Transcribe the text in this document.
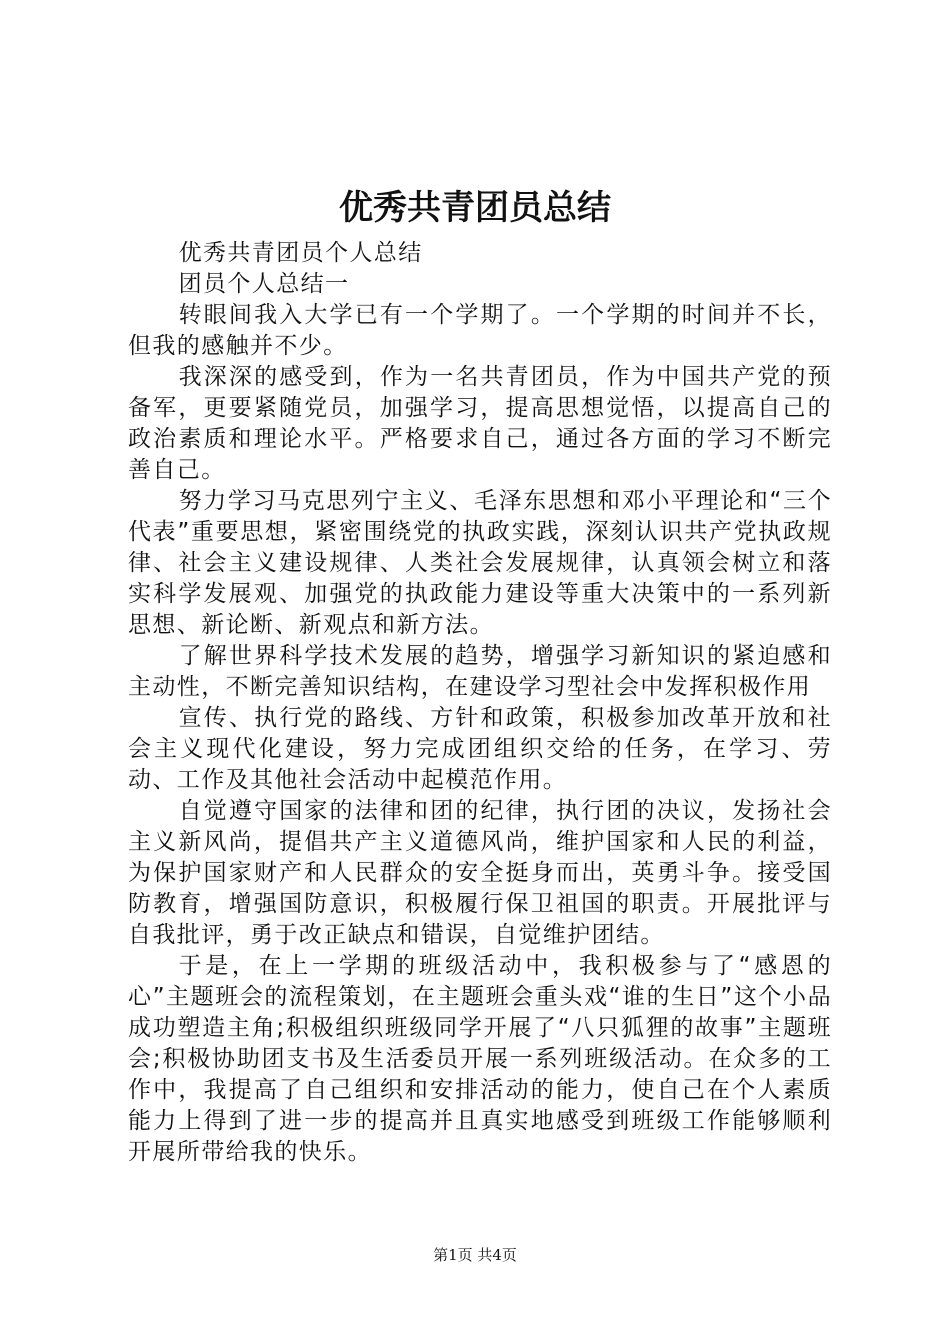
优秀共青团员总结

优秀共青团员个人总结

团员个人总结一

转眼间我入大学已有一个学期了。一个学期的时间并不长，但我的感触并不少。

我深深的感受到，作为一名共青团员，作为中国共产党的预备军，更要紧随党员，加强学习，提高思想觉悟，以提高自己的政治素质和理论水平。严格要求自己，通过各方面的学习不断完善自己。

努力学习马克思列宁主义、毛泽东思想和邓小平理论和“三个代表”重要思想，紧密围绕党的执政实践，深刻认识共产党执政规律、社会主义建设规律、人类社会发展规律，认真领会树立和落实科学发展观、加强党的执政能力建设等重大决策中的一系列新思想、新论断、新观点和新方法。

了解世界科学技术发展的趋势，增强学习新知识的紧迫感和主动性，不断完善知识结构，在建设学习型社会中发挥积极作用

宣传、执行党的路线、方针和政策，积极参加改革开放和社会主义现代化建设，努力完成团组织交给的任务，在学习、劳动、工作及其他社会活动中起模范作用。

自觉遵守国家的法律和团的纪律，执行团的决议，发扬社会主义新风尚，提倡共产主义道德风尚，维护国家和人民的利益，为保护国家财产和人民群众的安全挺身而出，英勇斗争。接受国防教育，增强国防意识，积极履行保卫祖国的职责。开展批评与自我批评，勇于改正缺点和错误，自觉维护团结。

于是，在上一学期的班级活动中，我积极参与了“感恩的心”主题班会的流程策划，在主题班会重头戏“谁的生日”这个小品成功塑造主角;积极组织班级同学开展了“八只狐狸的故事”主题班会;积极协助团支书及生活委员开展一系列班级活动。在众多的工作中，我提高了自己组织和安排活动的能力，使自己在个人素质能力上得到了进一步的提高并且真实地感受到班级工作能够顺利开展所带给我的快乐。

第1页 共4页
